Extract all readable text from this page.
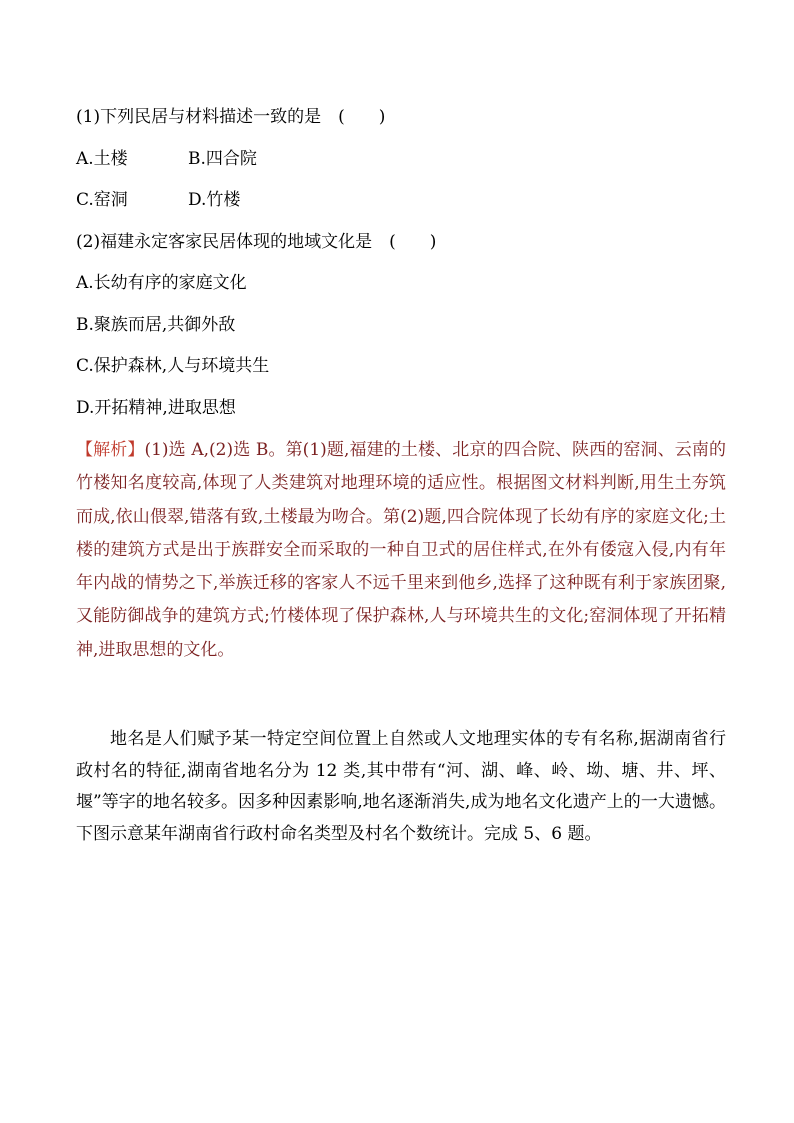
(1)下列民居与材料描述一致的是　(　　)
A.土楼	B.四合院
C.窑洞	D.竹楼
(2)福建永定客家民居体现的地域文化是　(　　)
A.长幼有序的家庭文化
B.聚族而居,共御外敌
C.保护森林,人与环境共生
D.开拓精神,进取思想
【解析】(1)选 A,(2)选 B。第(1)题,福建的土楼、北京的四合院、陕西的窑洞、云南的竹楼知名度较高,体现了人类建筑对地理环境的适应性。根据图文材料判断,用生土夯筑而成,依山偎翠,错落有致,土楼最为吻合。第(2)题,四合院体现了长幼有序的家庭文化;土楼的建筑方式是出于族群安全而采取的一种自卫式的居住样式,在外有倭寇入侵,内有年年内战的情势之下,举族迁移的客家人不远千里来到他乡,选择了这种既有利于家族团聚,又能防御战争的建筑方式;竹楼体现了保护森林,人与环境共生的文化;窑洞体现了开拓精神,进取思想的文化。
地名是人们赋予某一特定空间位置上自然或人文地理实体的专有名称,据湖南省行政村名的特征,湖南省地名分为 12 类,其中带有“河、湖、峰、岭、坳、塘、井、坪、堰”等字的地名较多。因多种因素影响,地名逐渐消失,成为地名文化遗产上的一大遗憾。下图示意某年湖南省行政村命名类型及村名个数统计。完成 5、6 题。
